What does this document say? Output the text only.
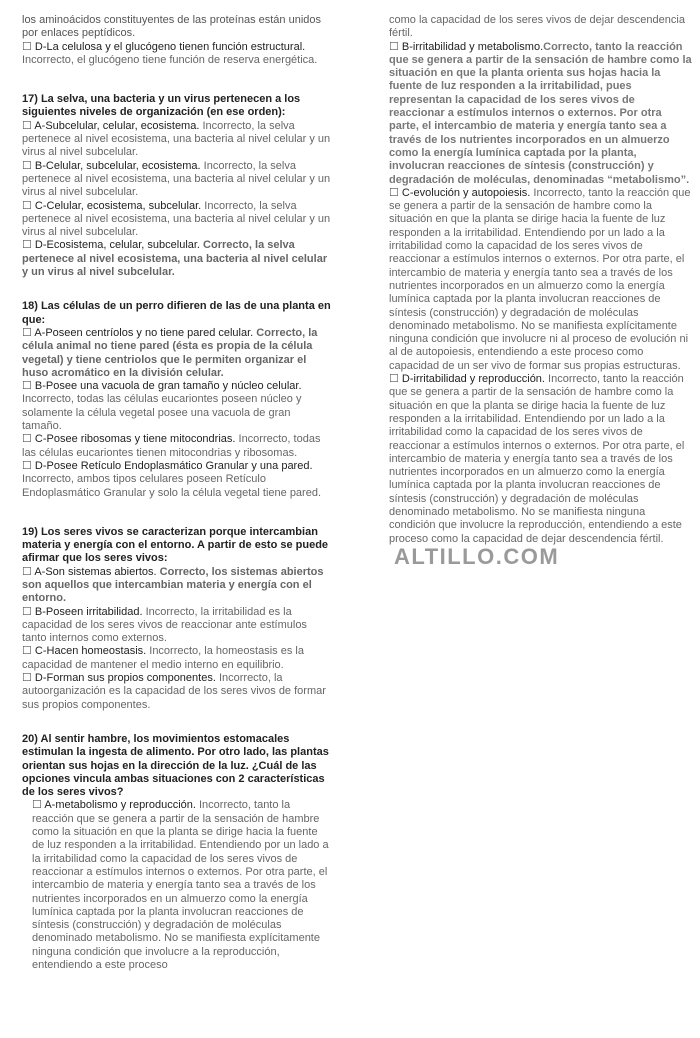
los aminoácidos constituyentes de las proteínas están unidos por enlaces peptídicos.
☐ D-La celulosa y el glucógeno tienen función estructural. Incorrecto, el glucógeno tiene función de reserva energética.
17) La selva, una bacteria y un virus pertenecen a los siguientes niveles de organización (en ese orden):
☐ A-Subcelular, celular, ecosistema. Incorrecto, la selva pertenece al nivel ecosistema, una bacteria al nivel celular y un virus al nivel subcelular.
☐ B-Celular, subcelular, ecosistema. Incorrecto, la selva pertenece al nivel ecosistema, una bacteria al nivel celular y un virus al nivel subcelular.
☐ C-Celular, ecosistema, subcelular. Incorrecto, la selva pertenece al nivel ecosistema, una bacteria al nivel celular y un virus al nivel subcelular.
☐ D-Ecosistema, celular, subcelular. Correcto, la selva pertenece al nivel ecosistema, una bacteria al nivel celular y un virus al nivel subcelular.
18) Las células de un perro difieren de las de una planta en que:
☐ A-Poseen centríolos y no tiene pared celular. Correcto, la célula animal no tiene pared (ésta es propia de la célula vegetal) y tiene centriolos que le permiten organizar el huso acromático en la división celular.
☐ B-Posee una vacuola de gran tamaño y núcleo celular. Incorrecto, todas las células eucariontes poseen núcleo y solamente la célula vegetal posee una vacuola de gran tamaño.
☐ C-Posee ribosomas y tiene mitocondrias. Incorrecto, todas las células eucariontes tienen mitocondrias y ribosomas.
☐ D-Posee Retículo Endoplasmático Granular y una pared. Incorrecto, ambos tipos celulares poseen Retículo Endoplasmático Granular y solo la célula vegetal tiene pared.
19) Los seres vivos se caracterizan porque intercambian materia y energía con el entorno. A partir de esto se puede afirmar que los seres vivos:
☐ A-Son sistemas abiertos. Correcto, los sistemas abiertos son aquellos que intercambian materia y energía con el entorno.
☐ B-Poseen irritabilidad. Incorrecto, la irritabilidad es la capacidad de los seres vivos de reaccionar ante estímulos tanto internos como externos.
☐ C-Hacen homeostasis. Incorrecto, la homeostasis es la capacidad de mantener el medio interno en equilibrio.
☐ D-Forman sus propios componentes. Incorrecto, la autoorganización es la capacidad de los seres vivos de formar sus propios componentes.
20) Al sentir hambre, los movimientos estomacales estimulan la ingesta de alimento. Por otro lado, las plantas orientan sus hojas en la dirección de la luz. ¿Cuál de las opciones vincula ambas situaciones con 2 características de los seres vivos?
☐ A-metabolismo y reproducción. Incorrecto, tanto la reacción que se genera a partir de la sensación de hambre como la situación en que la planta se dirige hacia la fuente de luz responden a la irritabilidad. Entendiendo por un lado a la irritabilidad como la capacidad de los seres vivos de reaccionar a estímulos internos o externos. Por otra parte, el intercambio de materia y energía tanto sea a través de los nutrientes incorporados en un almuerzo como la energía lumínica captada por la planta involucran reacciones de síntesis (construcción) y degradación de moléculas denominado metabolismo. No se manifiesta explícitamente ninguna condición que involucre a la reproducción, entendiendo a este proceso
como la capacidad de los seres vivos de dejar descendencia fértil.
☐ B-irritabilidad y metabolismo.Correcto, tanto la reacción que se genera a partir de la sensación de hambre como la situación en que la planta orienta sus hojas hacia la fuente de luz responden a la irritabilidad, pues representan la capacidad de los seres vivos de reaccionar a estímulos internos o externos. Por otra parte, el intercambio de materia y energía tanto sea a través de los nutrientes incorporados en un almuerzo como la energía lumínica captada por la planta, involucran reacciones de síntesis (construcción) y degradación de moléculas, denominadas “metabolismo”.
☐ C-evolución y autopoiesis. Incorrecto, tanto la reacción que se genera a partir de la sensación de hambre como la situación en que la planta se dirige hacia la fuente de luz responden a la irritabilidad. Entendiendo por un lado a la irritabilidad como la capacidad de los seres vivos de reaccionar a estímulos internos o externos. Por otra parte, el intercambio de materia y energía tanto sea a través de los nutrientes incorporados en un almuerzo como la energía lumínica captada por la planta involucran reacciones de síntesis (construcción) y degradación de moléculas denominado metabolismo. No se manifiesta explícitamente ninguna condición que involucre ni al proceso de evolución ni al de autopoiesis, entendiendo a este proceso como capacidad de un ser vivo de formar sus propias estructuras.
☐ D-irritabilidad y reproducción. Incorrecto, tanto la reacción que se genera a partir de la sensación de hambre como la situación en que la planta se dirige hacia la fuente de luz responden a la irritabilidad. Entendiendo por un lado a la irritabilidad como la capacidad de los seres vivos de reaccionar a estímulos internos o externos. Por otra parte, el intercambio de materia y energía tanto sea a través de los nutrientes incorporados en un almuerzo como la energía lumínica captada por la planta involucran reacciones de síntesis (construcción) y degradación de moléculas denominado metabolismo. No se manifiesta ninguna condición que involucre la reproducción, entendiendo a este proceso como la capacidad de dejar descendencia fértil.
ALTILLO.COM
